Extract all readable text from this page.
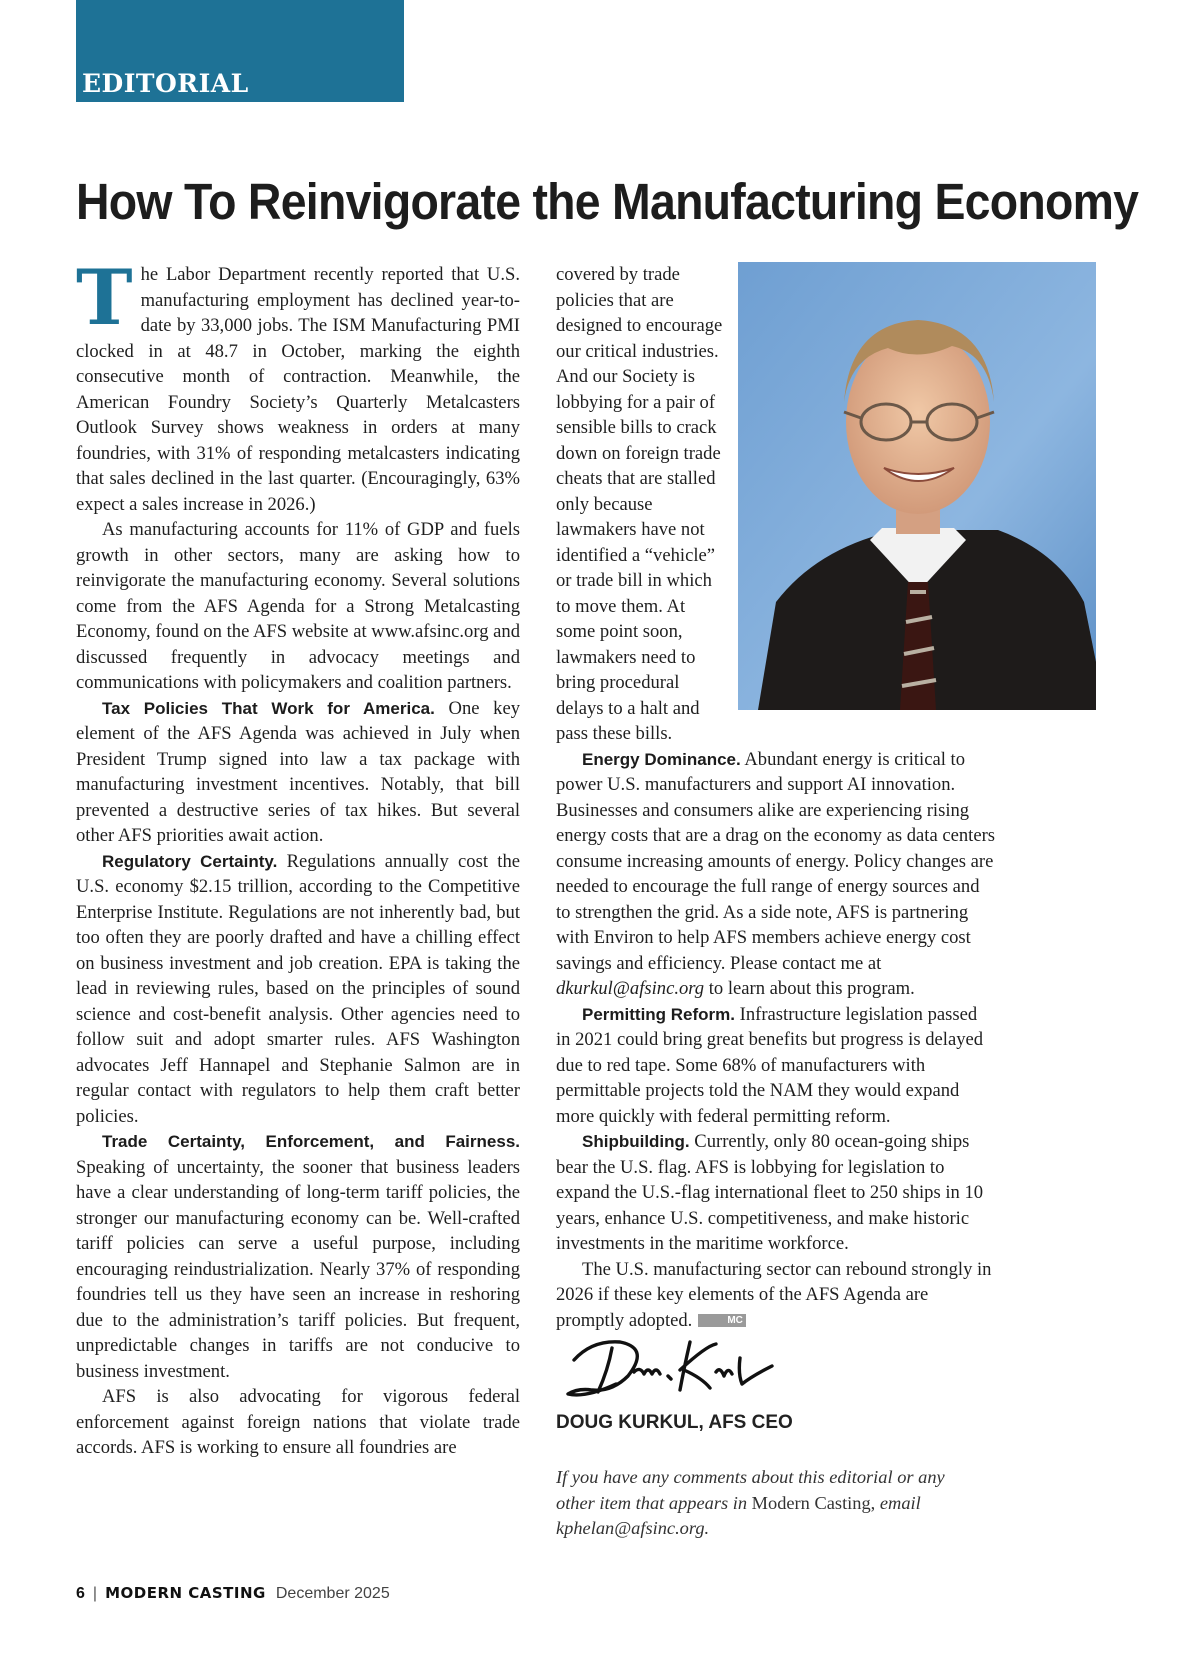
EDITORIAL
How To Reinvigorate the Manufacturing Economy

The Labor Department recently reported that U.S. manufacturing employment has declined year-to-date by 33,000 jobs. The ISM Manufacturing PMI clocked in at 48.7 in October, marking the eighth consecutive month of contraction. Meanwhile, the American Foundry Society’s Quarterly Metalcasters Outlook Survey shows weakness in orders at many foundries, with 31% of responding metalcasters indicating that sales declined in the last quarter. (Encouragingly, 63% expect a sales increase in 2026.)

As manufacturing accounts for 11% of GDP and fuels growth in other sectors, many are asking how to reinvigorate the manufacturing economy. Several solutions come from the AFS Agenda for a Strong Metalcasting Economy, found on the AFS website at www.afsinc.org and discussed frequently in advocacy meetings and communications with policymakers and coalition partners.

Tax Policies That Work for America. One key element of the AFS Agenda was achieved in July when President Trump signed into law a tax package with manufacturing investment incentives. Notably, that bill prevented a destructive series of tax hikes. But several other AFS priorities await action.

Regulatory Certainty. Regulations annually cost the U.S. economy $2.15 trillion, according to the Competitive Enterprise Institute. Regulations are not inherently bad, but too often they are poorly drafted and have a chilling effect on business investment and job creation. EPA is taking the lead in reviewing rules, based on the principles of sound science and cost-benefit analysis. Other agencies need to follow suit and adopt smarter rules. AFS Washington advocates Jeff Hannapel and Stephanie Salmon are in regular contact with regulators to help them craft better policies.

Trade Certainty, Enforcement, and Fairness. Speaking of uncertainty, the sooner that business leaders have a clear understanding of long-term tariff policies, the stronger our manufacturing economy can be. Well-crafted tariff policies can serve a useful purpose, including encouraging reindustrialization. Nearly 37% of responding foundries tell us they have seen an increase in reshoring due to the administration’s tariff policies. But frequent, unpredictable changes in tariffs are not conducive to business investment.

AFS is also advocating for vigorous federal enforcement against foreign nations that violate trade accords. AFS is working to ensure all foundries are

covered by trade policies that are designed to encourage our critical industries. And our Society is lobbying for a pair of sensible bills to crack down on foreign trade cheats that are stalled only because lawmakers have not identified a “vehicle” or trade bill in which to move them. At some point soon, lawmakers need to bring procedural delays to a halt and pass these bills.

Energy Dominance. Abundant energy is critical to power U.S. manufacturers and support AI innovation. Businesses and consumers alike are experiencing rising energy costs that are a drag on the economy as data centers consume increasing amounts of energy. Policy changes are needed to encourage the full range of energy sources and to strengthen the grid. As a side note, AFS is partnering with Environ to help AFS members achieve energy cost savings and efficiency. Please contact me at dkurkul@afsinc.org to learn about this program.

Permitting Reform. Infrastructure legislation passed in 2021 could bring great benefits but progress is delayed due to red tape. Some 68% of manufacturers with permittable projects told the NAM they would expand more quickly with federal permitting reform.

Shipbuilding. Currently, only 80 ocean-going ships bear the U.S. flag. AFS is lobbying for legislation to expand the U.S.-flag international fleet to 250 ships in 10 years, enhance U.S. competitiveness, and make historic investments in the maritime workforce.

The U.S. manufacturing sector can rebound strongly in 2026 if these key elements of the AFS Agenda are promptly adopted.	MC

DOUG KURKUL, AFS CEO

If you have any comments about this editorial or any other item that appears in Modern Casting, email kphelan@afsinc.org.

6 | MODERN CASTING December 2025
